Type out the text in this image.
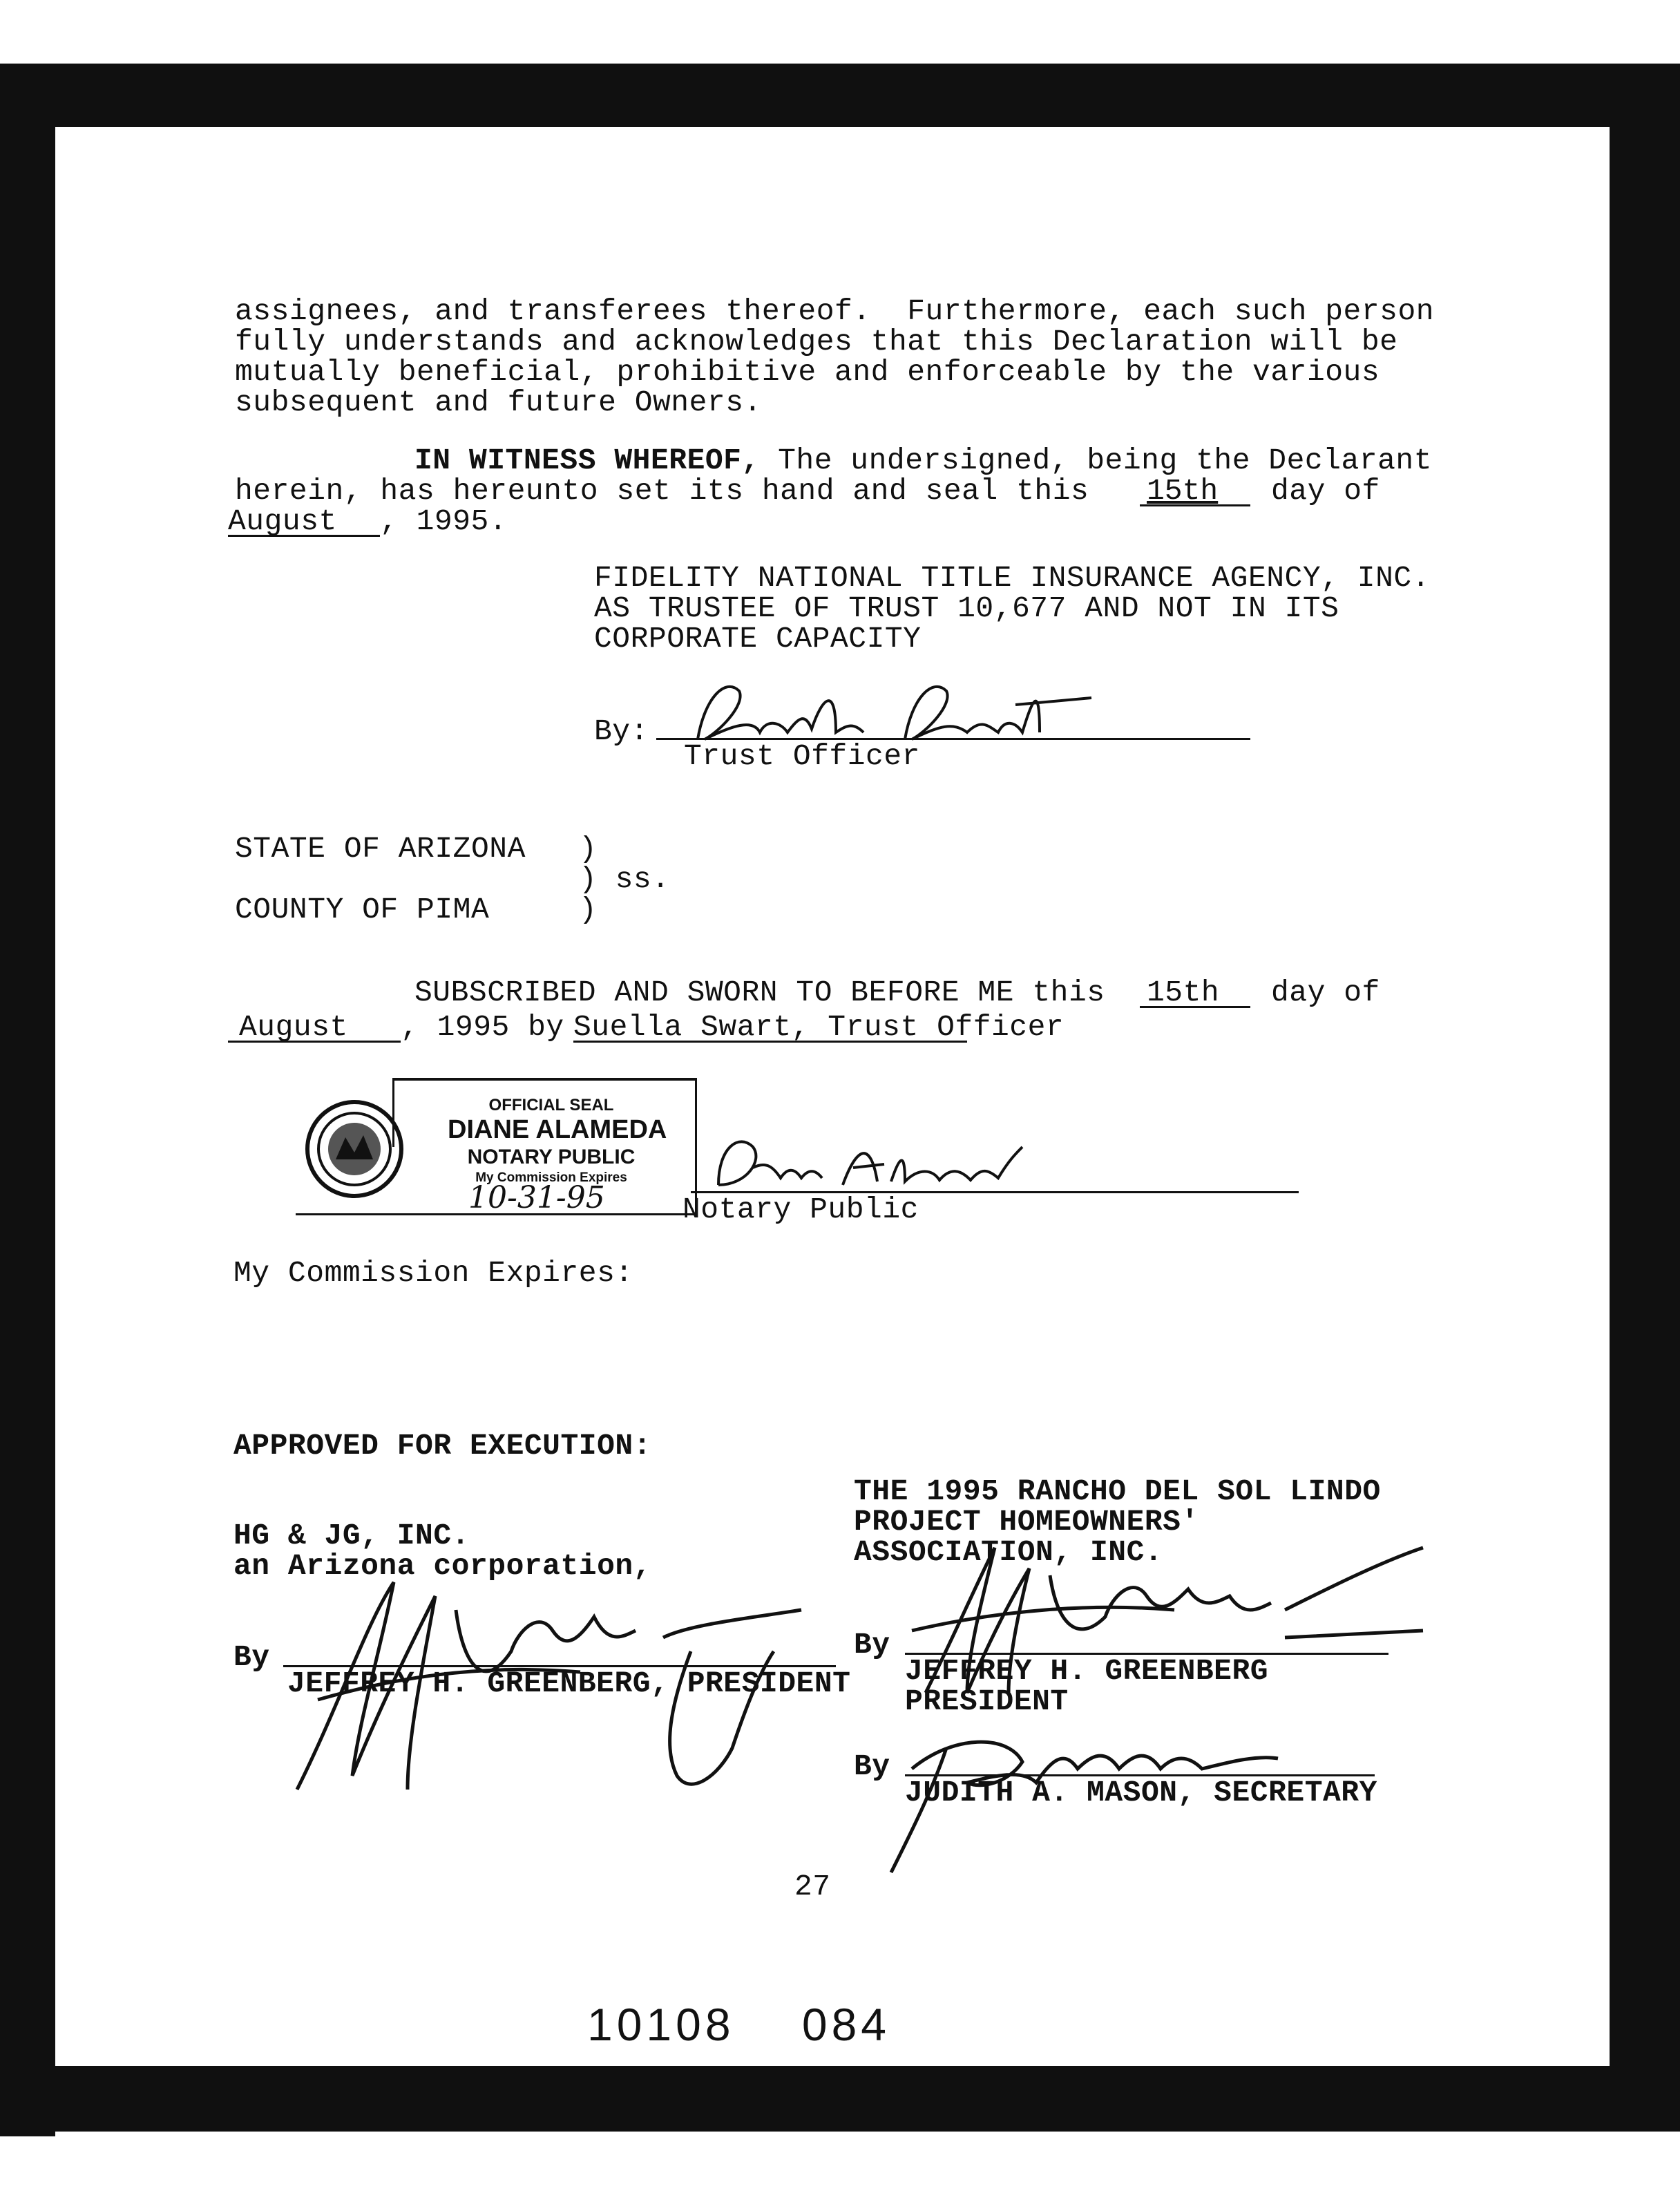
assignees, and transferees thereof.  Furthermore, each such person
fully understands and acknowledges that this Declaration will be
mutually beneficial, prohibitive and enforceable by the various
subsequent and future Owners.
IN WITNESS WHEREOF, The undersigned, being the Declarant
herein, has hereunto set its hand and seal this 15th day of
August , 1995.
FIDELITY NATIONAL TITLE INSURANCE AGENCY, INC.
AS TRUSTEE OF TRUST 10,677 AND NOT IN ITS
CORPORATE CAPACITY
By:
Trust Officer
STATE OF ARIZONA )
) ss.
COUNTY OF PIMA	)
SUBSCRIBED AND SWORN TO BEFORE ME this 15th day of
August , 1995 by Suella Swart, Trust Officer
OFFICIAL SEAL
DIANE ALAMEDA
NOTARY PUBLIC
My Commission Expires
10-31-95	Notary Public
My Commission Expires:
APPROVED FOR EXECUTION:
HG & JG, INC.
an Arizona corporation,
By
JEFFREY H. GREENBERG, PRESIDENT
THE 1995 RANCHO DEL SOL LINDO
PROJECT HOMEOWNERS'
ASSOCIATION, INC.
By
JEFFREY H. GREENBERG
PRESIDENT
By
JUDITH A. MASON, SECRETARY
27
10108    084
